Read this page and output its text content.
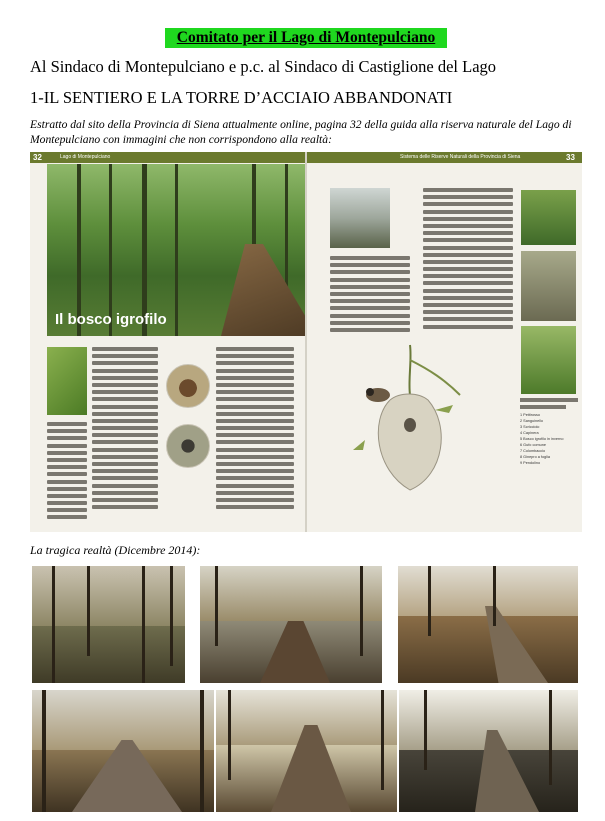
Comitato per il Lago di Montepulciano
Al Sindaco di Montepulciano e p.c. al Sindaco di Castiglione del Lago
1-IL SENTIERO E LA TORRE D’ACCIAIO ABBANDONATI
Estratto dal sito della Provincia di Siena attualmente online, pagina 32 della guida alla riserva naturale del Lago di Montepulciano con immagini che non corrispondono alla realtà:
32	Lago di Montepulciano	Sistema delle Riserve Naturali della Provincia di Siena	33
Il bosco igrofilo
1 Pettirosso
2 Sanguinello
3 Scricciolo
4 Capinera
5 Bosco igrofilo in inverno
6 Gufo comune
7 Colombaccio
8 Ginepro a foglia
9 Pendolino
La tragica realtà (Dicembre 2014):
